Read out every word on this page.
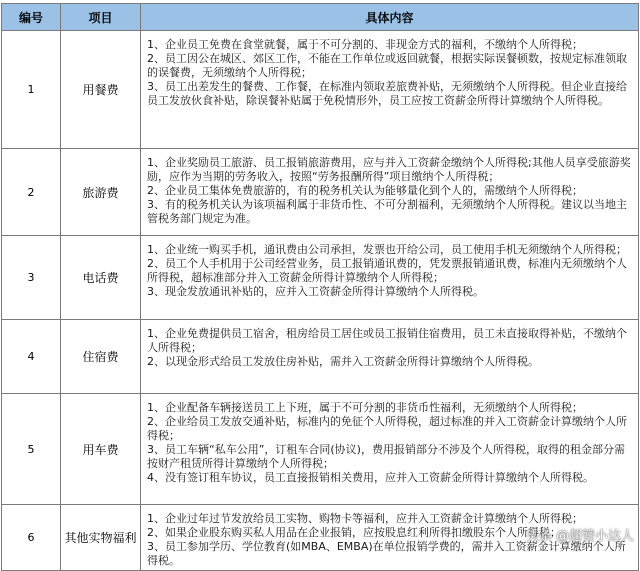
编号	项目	具体内容
1	用餐费	1、企业员工免费在食堂就餐，属于不可分割的、非现金方式的福利，不缴纳个人所得税；
2、员工因公在城区、郊区工作，不能在工作单位或返回就餐，根据实际误餐顿数，按规定标准领取的误餐费，无须缴纳个人所得税；
3、员工出差发生的餐费、工作餐，在标准内领取差旅费补贴，无须缴纳个人所得税。但企业直接给员工发放伙食补贴，除误餐补贴属于免税情形外，员工应按工资薪金所得计算缴纳个人所得税。

2	旅游费	1、企业奖励员工旅游、员工报销旅游费用，应与并入工资薪金缴纳个人所得税;其他人员享受旅游奖励，应作为当期的劳务收入，按照“劳务报酬所得”项目缴纳个人所得税；
2、企业员工集体免费旅游的，有的税务机关认为能够量化到个人的，需缴纳个人所得税；
3、有的税务机关认为该项福利属于非货币性、不可分割福利，无须缴纳个人所得税。建议以当地主管税务部门规定为准。

3	电话费	1、企业统一购买手机，通讯费由公司承担，发票也开给公司，员工使用手机无须缴纳个人所得税；
2、员工个人手机用于公司经营业务，员工报销通讯费的，凭发票报销通讯费，标准内无须缴纳个人所得税，超标准部分并入工资薪金所得计算缴纳个人所得税；
3、现金发放通讯补贴的，应并入工资薪金所得计算缴纳个人所得税。

4	住宿费	1、企业免费提供员工宿舍，租房给员工居住或员工报销住宿费用，员工未直接取得补贴，不缴纳个人所得税；
2、以现金形式给员工发放住房补贴，需并入工资薪金所得计算缴纳个人所得税。

5	用车费	1、企业配备车辆接送员工上下班，属于不可分割的非货币性福利，无须缴纳个人所得税；
2、企业给员工发放交通补贴，标准内的免征个人所得税，超过标准的并入工资薪金计算缴纳个人所得税；
3、员工车辆“私车公用”，订租车合同(协议)，费用报销部分不涉及个人所得税，取得的租金部分需按财产租赁所得计算缴纳个人所得税；
4、没有签订租车协议，员工直接报销相关费用，应并入工资薪金所得计算缴纳个人所得税。

6	其他实物福利	1、企业过年过节发放给员工实物、购物卡等福利，应并入工资薪金计算缴纳个人所得税；
2、如果企业股东购买私人用品在企业报销，应按股息红利所得扣缴股东个人所得税；
3、员工参加学历、学位教育(如MBA、EMBA)在单位报销学费的，需并入工资薪金计算缴纳个人所得税。
头条 @超赞小达人
